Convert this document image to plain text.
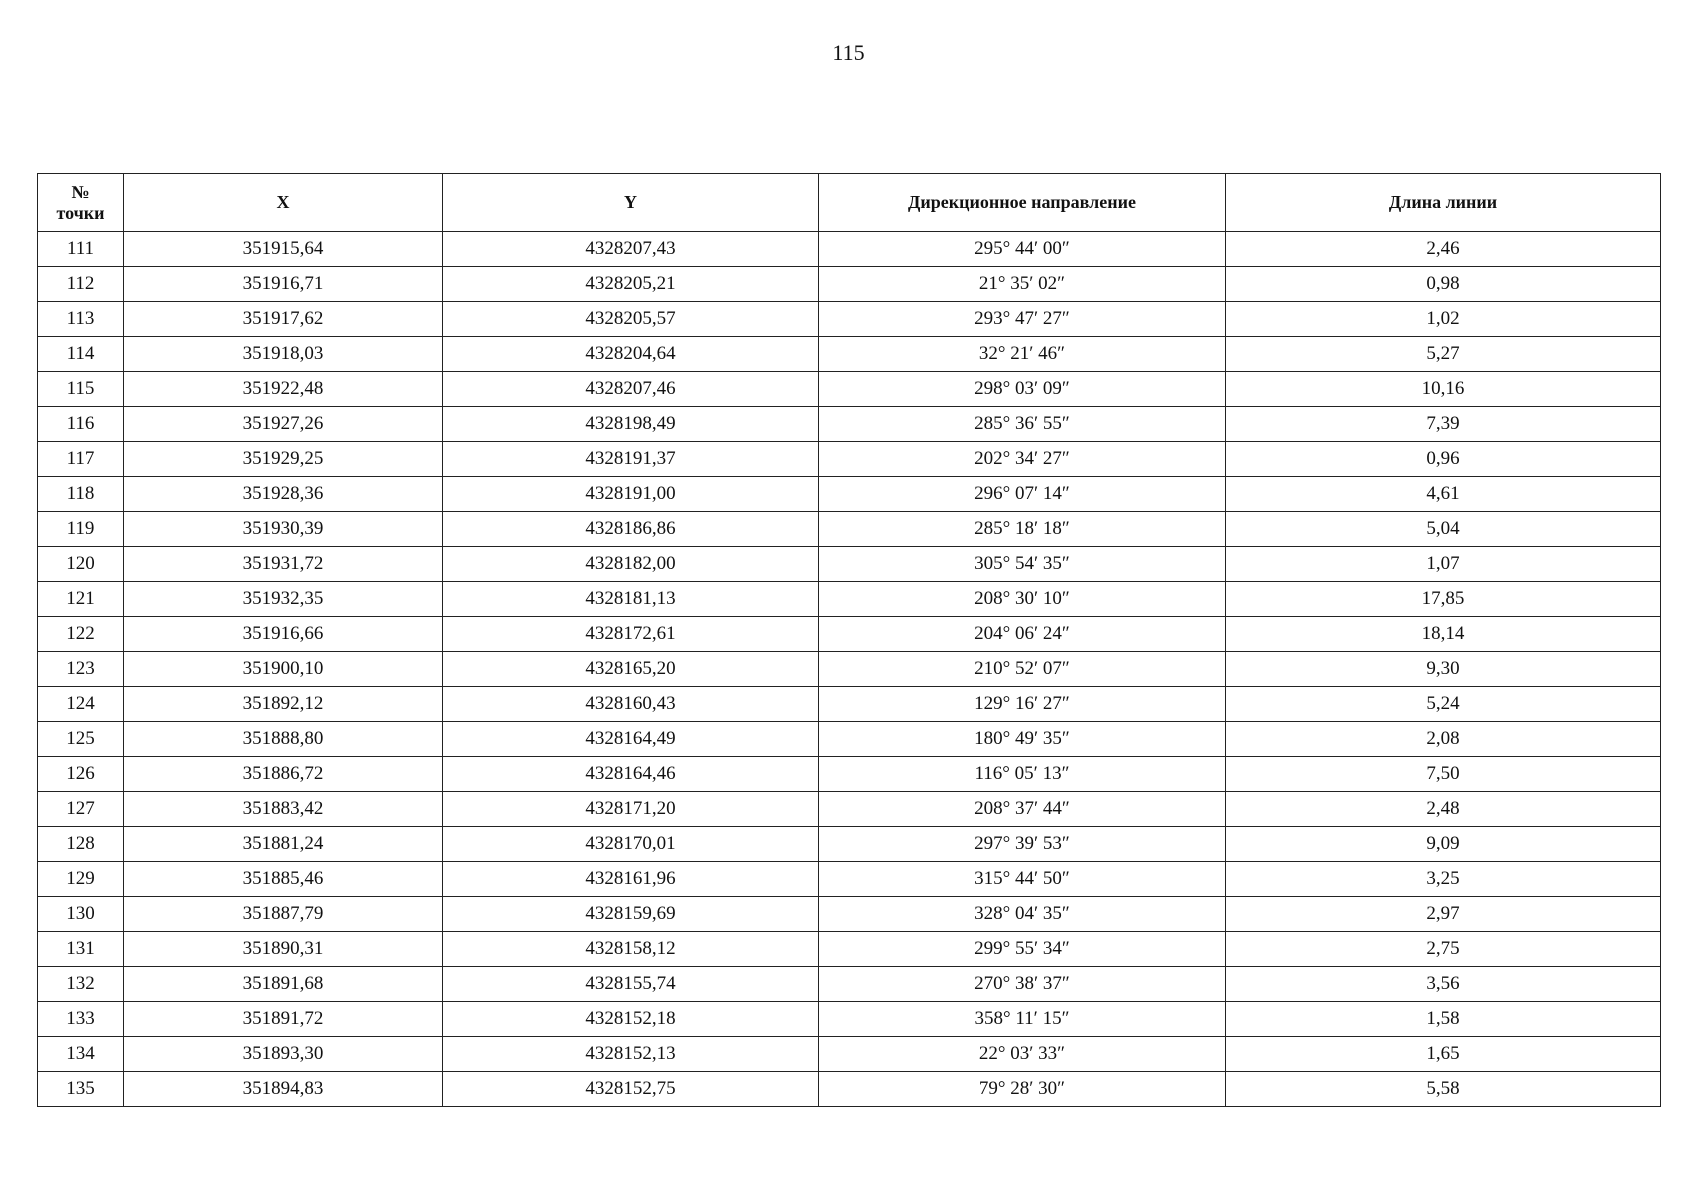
115
№
точки	X	Y	Дирекционное направление	Длина линии
111	351915,64	4328207,43	295° 44′ 00″	2,46
112	351916,71	4328205,21	21° 35′ 02″	0,98
113	351917,62	4328205,57	293° 47′ 27″	1,02
114	351918,03	4328204,64	32° 21′ 46″	5,27
115	351922,48	4328207,46	298° 03′ 09″	10,16
116	351927,26	4328198,49	285° 36′ 55″	7,39
117	351929,25	4328191,37	202° 34′ 27″	0,96
118	351928,36	4328191,00	296° 07′ 14″	4,61
119	351930,39	4328186,86	285° 18′ 18″	5,04
120	351931,72	4328182,00	305° 54′ 35″	1,07
121	351932,35	4328181,13	208° 30′ 10″	17,85
122	351916,66	4328172,61	204° 06′ 24″	18,14
123	351900,10	4328165,20	210° 52′ 07″	9,30
124	351892,12	4328160,43	129° 16′ 27″	5,24
125	351888,80	4328164,49	180° 49′ 35″	2,08
126	351886,72	4328164,46	116° 05′ 13″	7,50
127	351883,42	4328171,20	208° 37′ 44″	2,48
128	351881,24	4328170,01	297° 39′ 53″	9,09
129	351885,46	4328161,96	315° 44′ 50″	3,25
130	351887,79	4328159,69	328° 04′ 35″	2,97
131	351890,31	4328158,12	299° 55′ 34″	2,75
132	351891,68	4328155,74	270° 38′ 37″	3,56
133	351891,72	4328152,18	358° 11′ 15″	1,58
134	351893,30	4328152,13	22° 03′ 33″	1,65
135	351894,83	4328152,75	79° 28′ 30″	5,58
